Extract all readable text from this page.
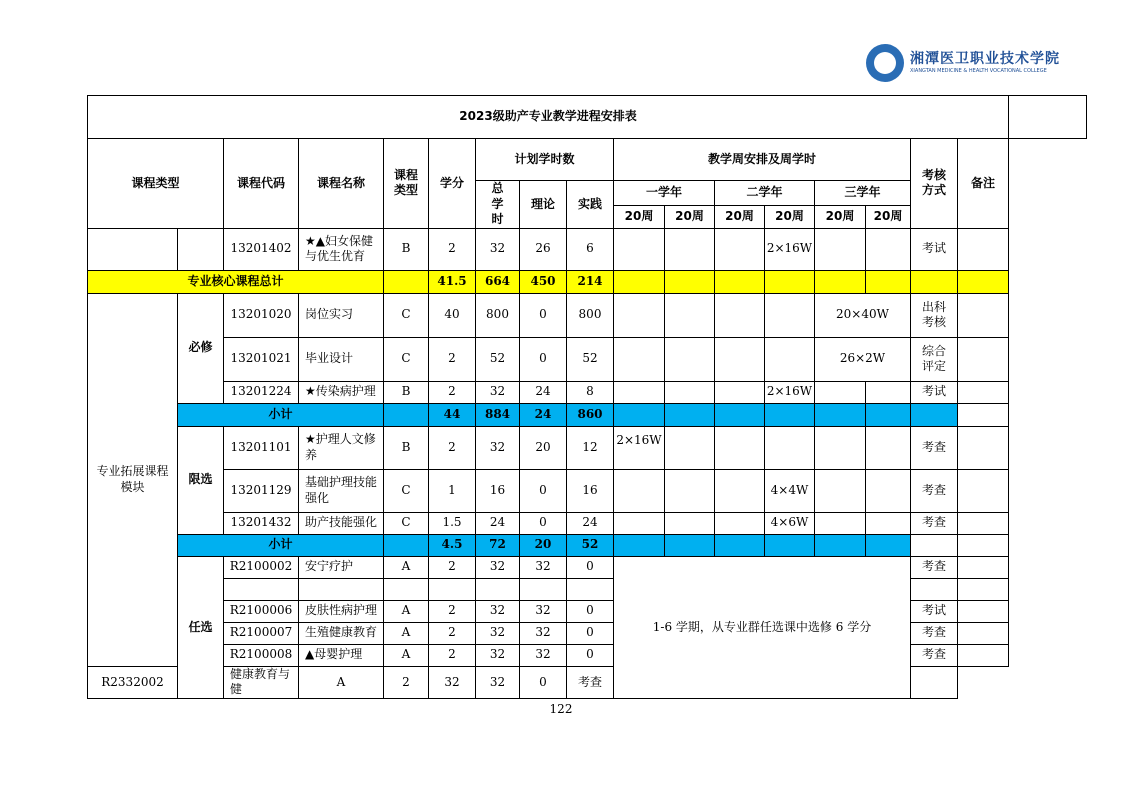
湘潭医卫职业技术学院
XIANGTAN MEDICINE & HEALTH VOCATIONAL COLLEGE
2023级助产专业教学进程安排表																	
课程类型		课程代码	课程名称	课程类型	学分	计划学时数			教学周安排及周学时						考核方式	备注	
						总学时	理论	实践	一学年		二学年		三学年				
									20周	20周	20周	20周	20周	20周			
		13201402	★▲妇女保健与优生优育	B	2	32	26	6				2×16W			考试		
专业核心课程总计					41.5	664	450	214									
专业拓展课程模块	必修	13201020	岗位实习	C	40	800	0	800					20×40W		出科考核		
		13201021	毕业设计	C	2	52	0	52					26×2W		综合评定		
		13201224	★传染病护理	B	2	32	24	8				2×16W			考试		
	小计				44	884	24	860									
	限选	13201101	★护理人文修养	B	2	32	20	12	2×16W						考查		
		13201129	基础护理技能强化	C	1	16	0	16				4×4W			考查		
		13201432	助产技能强化	C	1.5	24	0	24				4×6W			考查		
	小计				4.5	72	20	52									
	任选	R2100002	安宁疗护	A	2	32	32	0	1-6 学期，从专业群任选课中选修 6 学分						考查		

		R2100006	皮肤性病护理	A	2	32	32	0							考试		
		R2100007	生殖健康教育	A	2	32	32	0							考查		
		R2100008	▲母婴护理	A	2	32	32	0							考查		
R2332002		健康教育与健	A	2	32	32	0	考查									
122
